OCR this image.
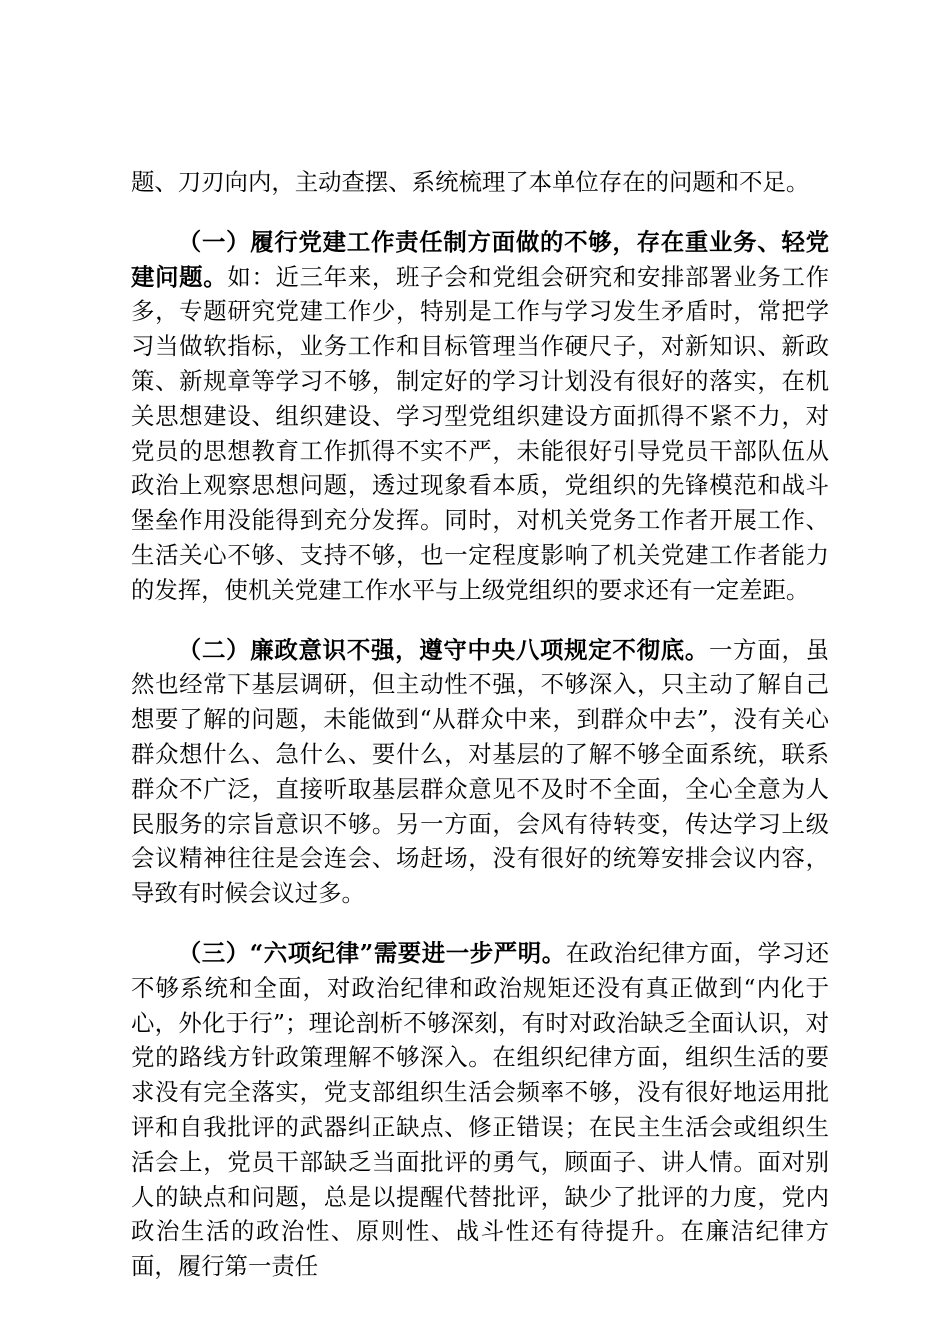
题、刀刃向内，主动查摆、系统梳理了本单位存在的问题和不足。

（一）履行党建工作责任制方面做的不够，存在重业务、轻党建问题。如：近三年来，班子会和党组会研究和安排部署业务工作多，专题研究党建工作少，特别是工作与学习发生矛盾时，常把学习当做软指标，业务工作和目标管理当作硬尺子，对新知识、新政策、新规章等学习不够，制定好的学习计划没有很好的落实，在机关思想建设、组织建设、学习型党组织建设方面抓得不紧不力，对党员的思想教育工作抓得不实不严，未能很好引导党员干部队伍从政治上观察思想问题，透过现象看本质，党组织的先锋模范和战斗堡垒作用没能得到充分发挥。同时，对机关党务工作者开展工作、生活关心不够、支持不够，也一定程度影响了机关党建工作者能力的发挥，使机关党建工作水平与上级党组织的要求还有一定差距。

（二）廉政意识不强，遵守中央八项规定不彻底。一方面，虽然也经常下基层调研，但主动性不强，不够深入，只主动了解自己想要了解的问题，未能做到“从群众中来，到群众中去”，没有关心群众想什么、急什么、要什么，对基层的了解不够全面系统，联系群众不广泛，直接听取基层群众意见不及时不全面，全心全意为人民服务的宗旨意识不够。另一方面，会风有待转变，传达学习上级会议精神往往是会连会、场赶场，没有很好的统筹安排会议内容，导致有时候会议过多。

（三）“六项纪律”需要进一步严明。在政治纪律方面，学习还不够系统和全面，对政治纪律和政治规矩还没有真正做到“内化于心，外化于行”；理论剖析不够深刻，有时对政治缺乏全面认识，对党的路线方针政策理解不够深入。在组织纪律方面，组织生活的要求没有完全落实，党支部组织生活会频率不够，没有很好地运用批评和自我批评的武器纠正缺点、修正错误；在民主生活会或组织生活会上，党员干部缺乏当面批评的勇气，顾面子、讲人情。面对别人的缺点和问题，总是以提醒代替批评，缺少了批评的力度，党内政治生活的政治性、原则性、战斗性还有待提升。在廉洁纪律方面，履行第一责任
